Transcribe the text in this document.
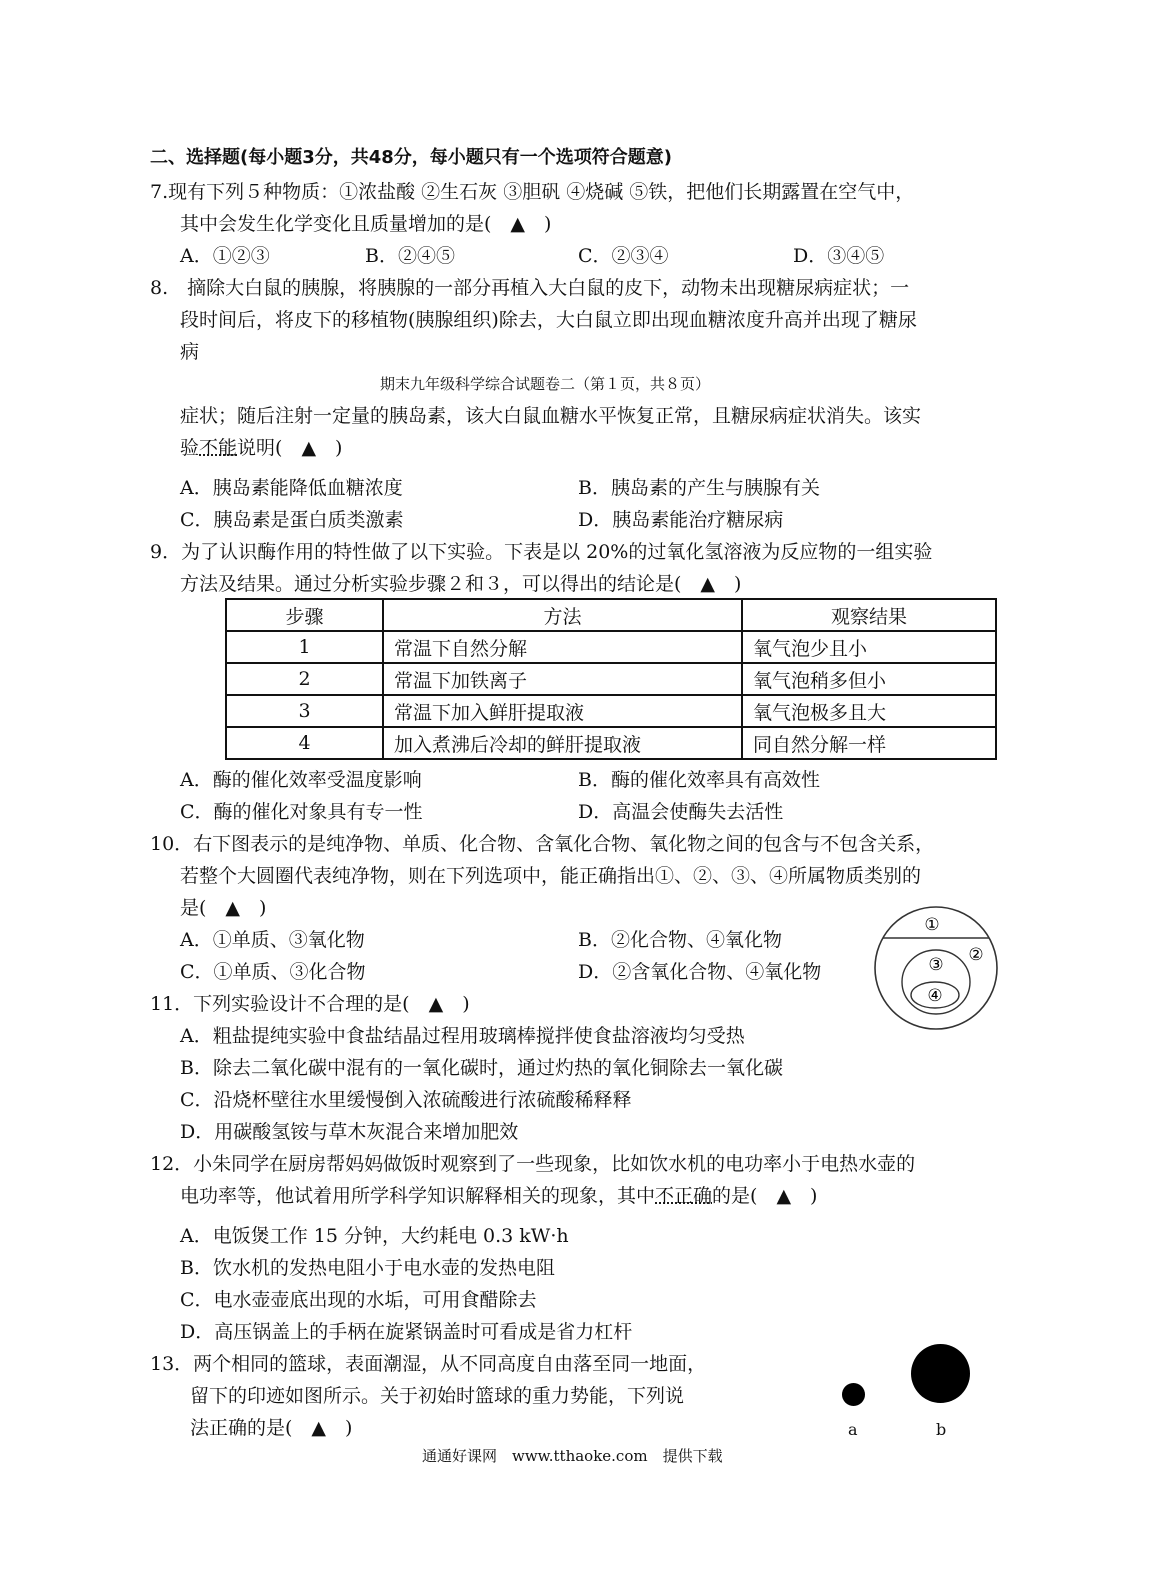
二、选择题(每小题3分，共48分，每小题只有一个选项符合题意)
7.现有下列５种物质：①浓盐酸 ②生石灰 ③胆矾 ④烧碱 ⑤铁，把他们长期露置在空气中，
其中会发生化学变化且质量增加的是(　▲　)
A．①②③	B．②④⑤	C．②③④	D．③④⑤
8.　摘除大白鼠的胰腺，将胰腺的一部分再植入大白鼠的皮下，动物未出现糖尿病症状；一
段时间后，将皮下的移植物(胰腺组织)除去，大白鼠立即出现血糖浓度升高并出现了糖尿
病
期末九年级科学综合试题卷二（第１页，共８页）
症状；随后注射一定量的胰岛素，该大白鼠血糖水平恢复正常，且糖尿病症状消失。该实
验不能说明(　▲　)
A．胰岛素能降低血糖浓度	B．胰岛素的产生与胰腺有关
C．胰岛素是蛋白质类激素	D．胰岛素能治疗糖尿病
9．为了认识酶作用的特性做了以下实验。下表是以 20%的过氧化氢溶液为反应物的一组实验
方法及结果。通过分析实验步骤２和３，可以得出的结论是(　▲　)
步骤	方法	观察结果
1	常温下自然分解	氧气泡少且小
2	常温下加铁离子	氧气泡稍多但小
3	常温下加入鲜肝提取液	氧气泡极多且大
4	加入煮沸后冷却的鲜肝提取液	同自然分解一样
A．酶的催化效率受温度影响	B．酶的催化效率具有高效性
C．酶的催化对象具有专一性	D．高温会使酶失去活性
10．右下图表示的是纯净物、单质、化合物、含氧化合物、氧化物之间的包含与不包含关系，
若整个大圆圈代表纯净物，则在下列选项中，能正确指出①、②、③、④所属物质类别的
是(　▲　)
A．①单质、③氧化物	B．②化合物、④氧化物
C．①单质、③化合物	D．②含氧化合物、④氧化物
①
②
③
④
11．下列实验设计不合理的是(　▲　)
A．粗盐提纯实验中食盐结晶过程用玻璃棒搅拌使食盐溶液均匀受热
B．除去二氧化碳中混有的一氧化碳时，通过灼热的氧化铜除去一氧化碳
C．沿烧杯壁往水里缓慢倒入浓硫酸进行浓硫酸稀释释
D．用碳酸氢铵与草木灰混合来增加肥效
12．小朱同学在厨房帮妈妈做饭时观察到了一些现象，比如饮水机的电功率小于电热水壶的
电功率等，他试着用所学科学知识解释相关的现象，其中不正确的是(　▲　)
A．电饭煲工作 15 分钟，大约耗电 0.3 kW·h
B．饮水机的发热电阻小于电水壶的发热电阻
C．电水壶壶底出现的水垢，可用食醋除去
D．高压锅盖上的手柄在旋紧锅盖时可看成是省力杠杆
13．两个相同的篮球，表面潮湿，从不同高度自由落至同一地面，
留下的印迹如图所示。关于初始时篮球的重力势能，下列说
法正确的是(　▲　)	a	b
通通好课网　www.tthaoke.com　提供下载
